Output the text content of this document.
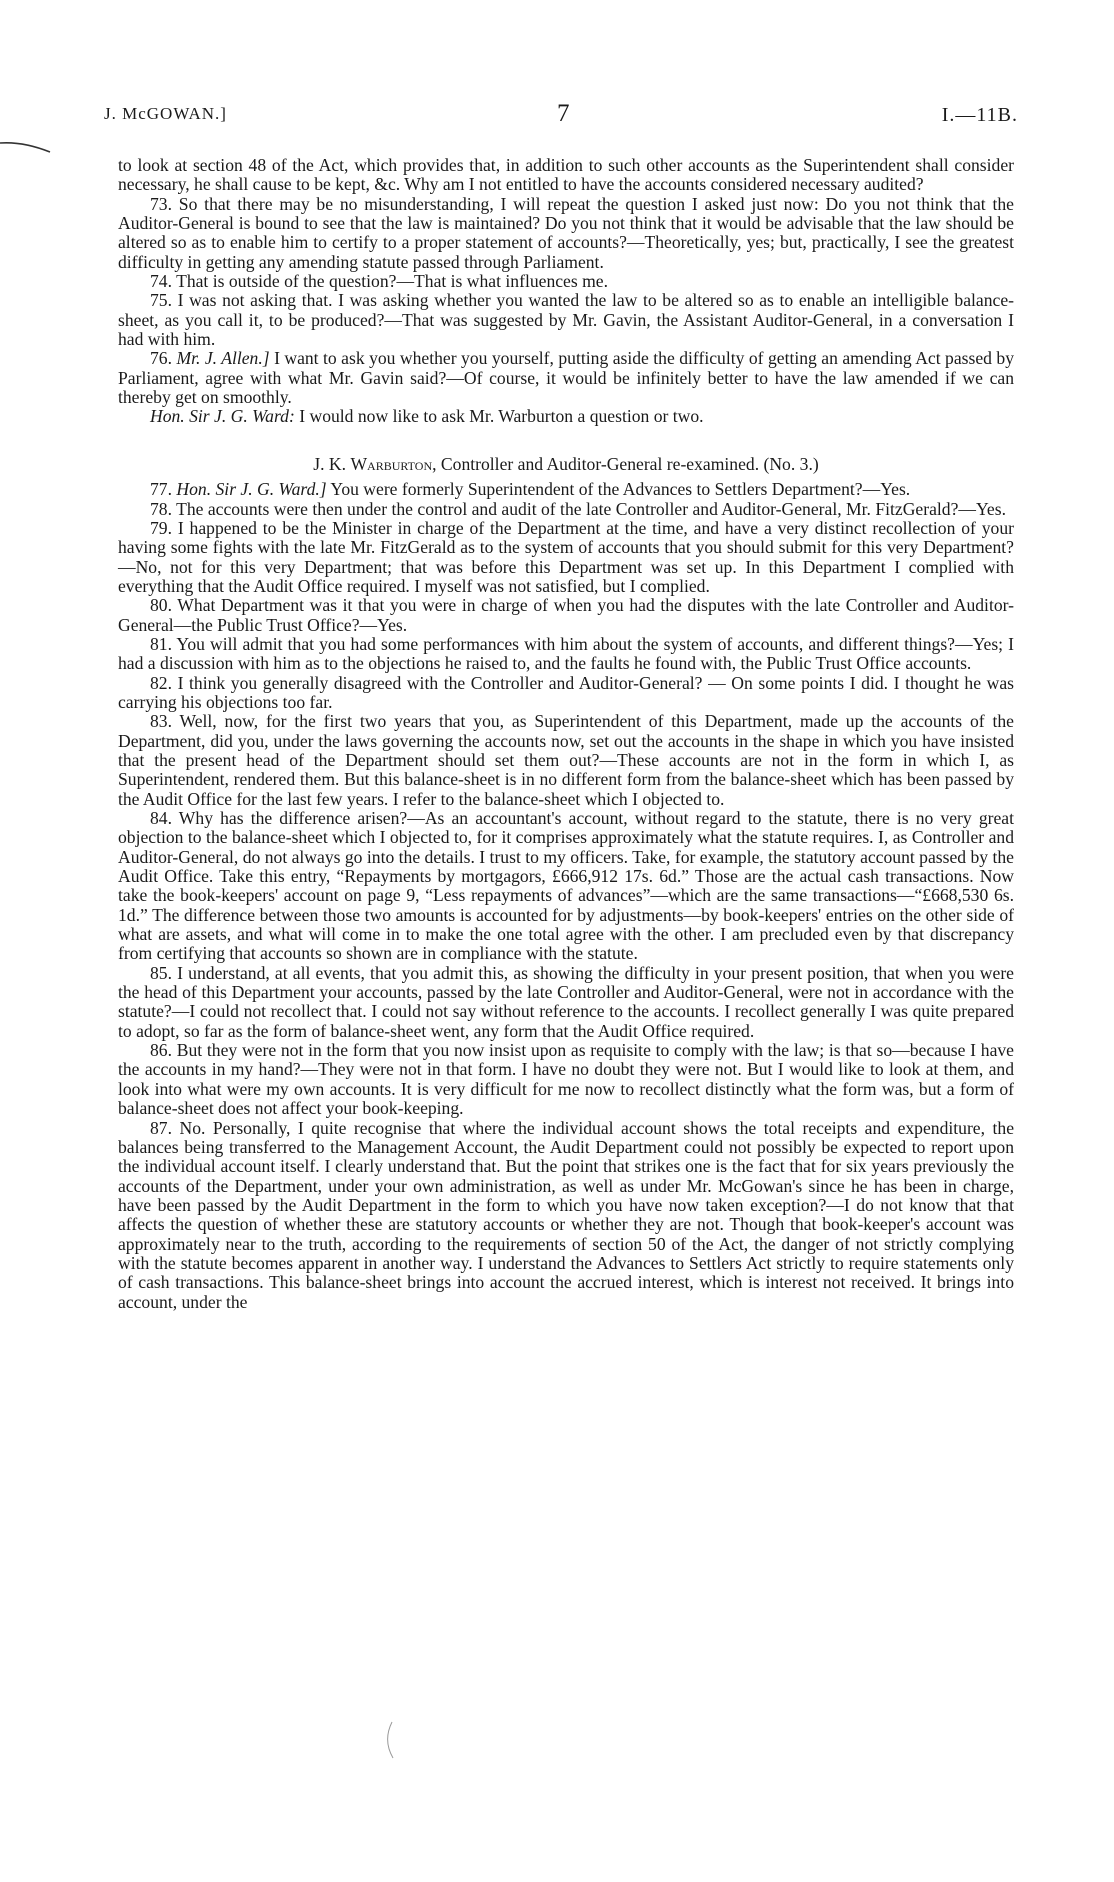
J. McGOWAN.]	7	I.—11B.

to look at section 48 of the Act, which provides that, in addition to such other accounts as the Superintendent shall consider necessary, he shall cause to be kept, &c. Why am I not entitled to have the accounts considered necessary audited?

73. So that there may be no misunderstanding, I will repeat the question I asked just now: Do you not think that the Auditor-General is bound to see that the law is maintained? Do you not think that it would be advisable that the law should be altered so as to enable him to certify to a proper statement of accounts?—Theoretically, yes; but, practically, I see the greatest difficulty in getting any amending statute passed through Parliament.

74. That is outside of the question?—That is what influences me.

75. I was not asking that. I was asking whether you wanted the law to be altered so as to enable an intelligible balance-sheet, as you call it, to be produced?—That was suggested by Mr. Gavin, the Assistant Auditor-General, in a conversation I had with him.

76. Mr. J. Allen.] I want to ask you whether you yourself, putting aside the difficulty of getting an amending Act passed by Parliament, agree with what Mr. Gavin said?—Of course, it would be infinitely better to have the law amended if we can thereby get on smoothly.

Hon. Sir J. G. Ward: I would now like to ask Mr. Warburton a question or two.

J. K. Warburton, Controller and Auditor-General re-examined. (No. 3.)

77. Hon. Sir J. G. Ward.] You were formerly Superintendent of the Advances to Settlers Department?—Yes.

78. The accounts were then under the control and audit of the late Controller and Auditor-General, Mr. FitzGerald?—Yes.

79. I happened to be the Minister in charge of the Department at the time, and have a very distinct recollection of your having some fights with the late Mr. FitzGerald as to the system of accounts that you should submit for this very Department?—No, not for this very Department; that was before this Department was set up. In this Department I complied with everything that the Audit Office required. I myself was not satisfied, but I complied.

80. What Department was it that you were in charge of when you had the disputes with the late Controller and Auditor-General—the Public Trust Office?—Yes.

81. You will admit that you had some performances with him about the system of accounts, and different things?—Yes; I had a discussion with him as to the objections he raised to, and the faults he found with, the Public Trust Office accounts.

82. I think you generally disagreed with the Controller and Auditor-General? — On some points I did. I thought he was carrying his objections too far.

83. Well, now, for the first two years that you, as Superintendent of this Department, made up the accounts of the Department, did you, under the laws governing the accounts now, set out the accounts in the shape in which you have insisted that the present head of the Department should set them out?—These accounts are not in the form in which I, as Superintendent, rendered them. But this balance-sheet is in no different form from the balance-sheet which has been passed by the Audit Office for the last few years. I refer to the balance-sheet which I objected to.

84. Why has the difference arisen?—As an accountant's account, without regard to the statute, there is no very great objection to the balance-sheet which I objected to, for it comprises approximately what the statute requires. I, as Controller and Auditor-General, do not always go into the details. I trust to my officers. Take, for example, the statutory account passed by the Audit Office. Take this entry, “Repayments by mortgagors, £666,912 17s. 6d.” Those are the actual cash transactions. Now take the book-keepers' account on page 9, “Less repayments of advances”—which are the same transactions—“£668,530 6s. 1d.” The difference between those two amounts is accounted for by adjustments—by book-keepers' entries on the other side of what are assets, and what will come in to make the one total agree with the other. I am precluded even by that discrepancy from certifying that accounts so shown are in compliance with the statute.

85. I understand, at all events, that you admit this, as showing the difficulty in your present position, that when you were the head of this Department your accounts, passed by the late Controller and Auditor-General, were not in accordance with the statute?—I could not recollect that. I could not say without reference to the accounts. I recollect generally I was quite prepared to adopt, so far as the form of balance-sheet went, any form that the Audit Office required.

86. But they were not in the form that you now insist upon as requisite to comply with the law; is that so—because I have the accounts in my hand?—They were not in that form. I have no doubt they were not. But I would like to look at them, and look into what were my own accounts. It is very difficult for me now to recollect distinctly what the form was, but a form of balance-sheet does not affect your book-keeping.

87. No. Personally, I quite recognise that where the individual account shows the total receipts and expenditure, the balances being transferred to the Management Account, the Audit Department could not possibly be expected to report upon the individual account itself. I clearly understand that. But the point that strikes one is the fact that for six years previously the accounts of the Department, under your own administration, as well as under Mr. McGowan's since he has been in charge, have been passed by the Audit Department in the form to which you have now taken exception?—I do not know that that affects the question of whether these are statutory accounts or whether they are not. Though that book-keeper's account was approximately near to the truth, according to the requirements of section 50 of the Act, the danger of not strictly complying with the statute becomes apparent in another way. I understand the Advances to Settlers Act strictly to require statements only of cash transactions. This balance-sheet brings into account the accrued interest, which is interest not received. It brings into account, under the
